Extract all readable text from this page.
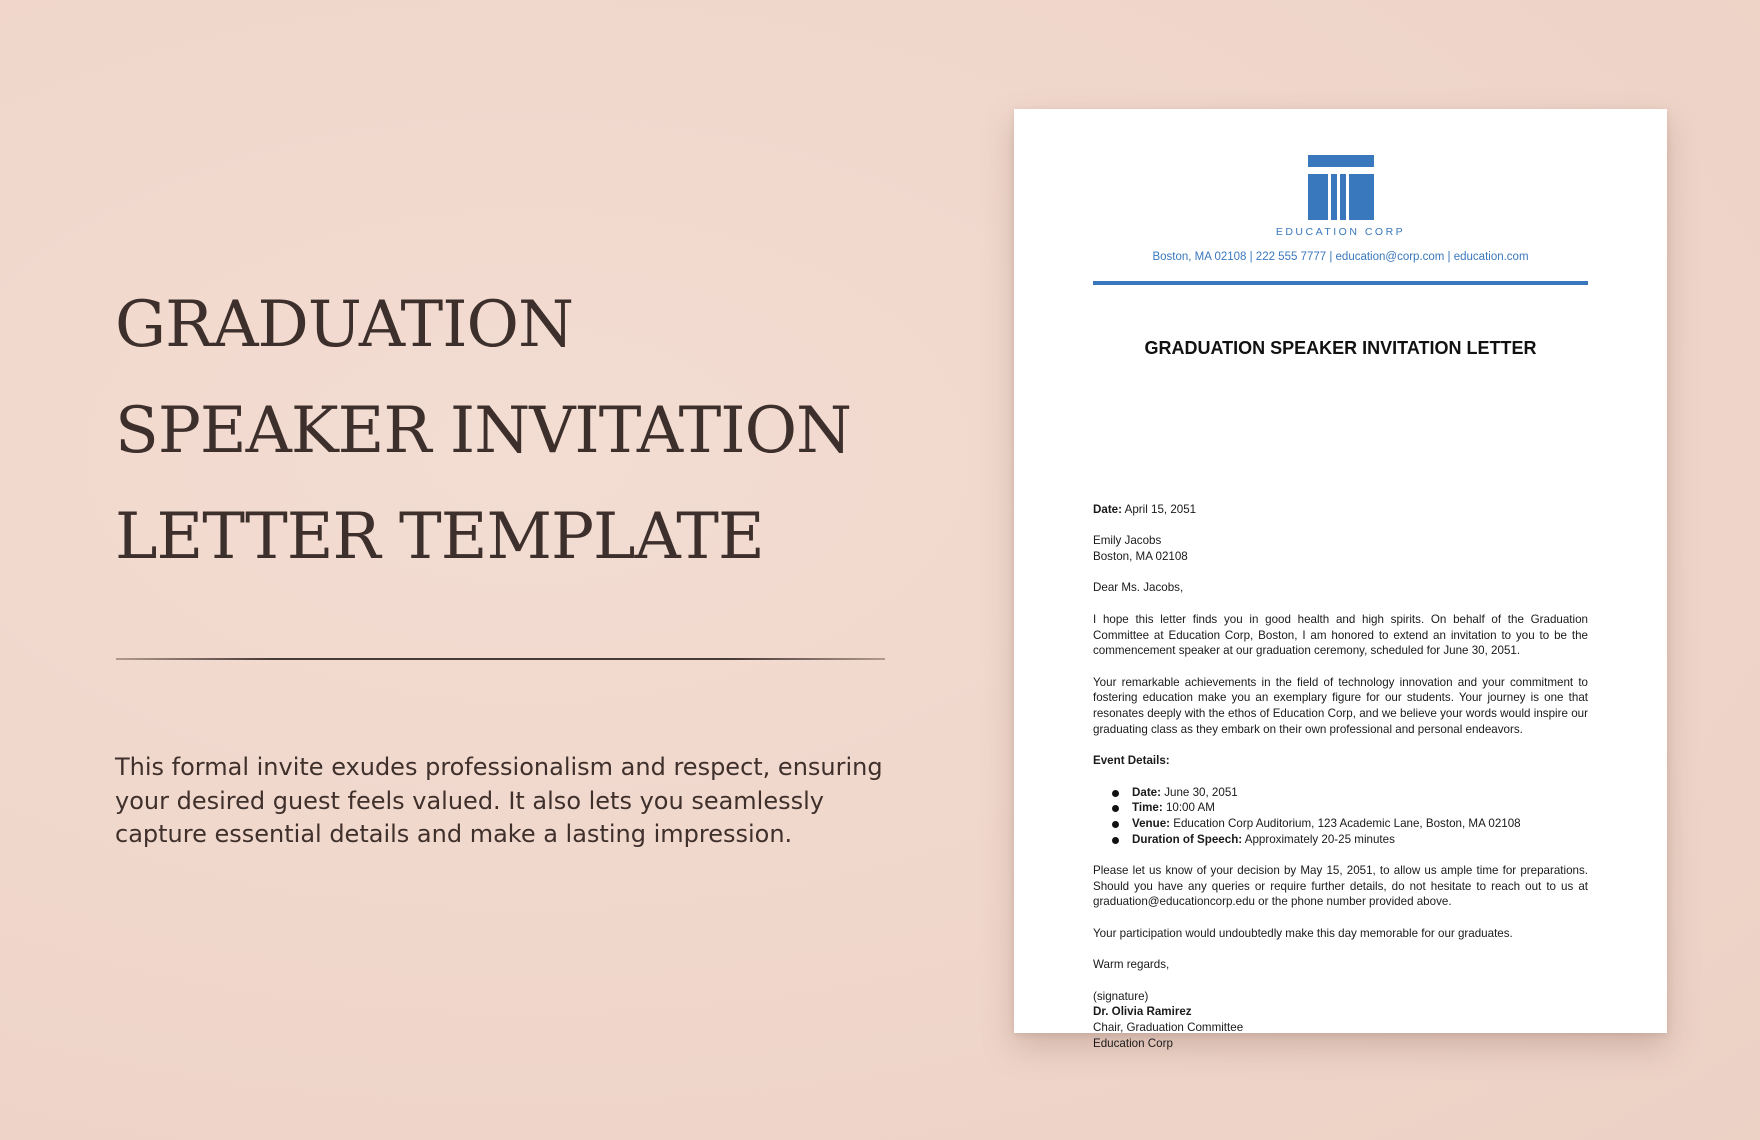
GRADUATION
SPEAKER INVITATION
LETTER TEMPLATE

This formal invite exudes professionalism and respect, ensuring your desired guest feels valued. It also lets you seamlessly capture essential details and make a lasting impression.

EDUCATION CORP
Boston, MA 02108 | 222 555 7777 | education@corp.com | education.com
GRADUATION SPEAKER INVITATION LETTER

Date: April 15, 2051

Emily Jacobs
Boston, MA 02108

Dear Ms. Jacobs,

I hope this letter finds you in good health and high spirits. On behalf of the Graduation Committee at Education Corp, Boston, I am honored to extend an invitation to you to be the commencement speaker at our graduation ceremony, scheduled for June 30, 2051.

Your remarkable achievements in the field of technology innovation and your commitment to fostering education make you an exemplary figure for our students. Your journey is one that resonates deeply with the ethos of Education Corp, and we believe your words would inspire our graduating class as they embark on their own professional and personal endeavors.

Event Details:

Date: June 30, 2051
Time: 10:00 AM
Venue: Education Corp Auditorium, 123 Academic Lane, Boston, MA 02108
Duration of Speech: Approximately 20-25 minutes

Please let us know of your decision by May 15, 2051, to allow us ample time for preparations. Should you have any queries or require further details, do not hesitate to reach out to us at graduation@educationcorp.edu or the phone number provided above.

Your participation would undoubtedly make this day memorable for our graduates.

Warm regards,

(signature)
Dr. Olivia Ramirez
Chair, Graduation Committee
Education Corp
